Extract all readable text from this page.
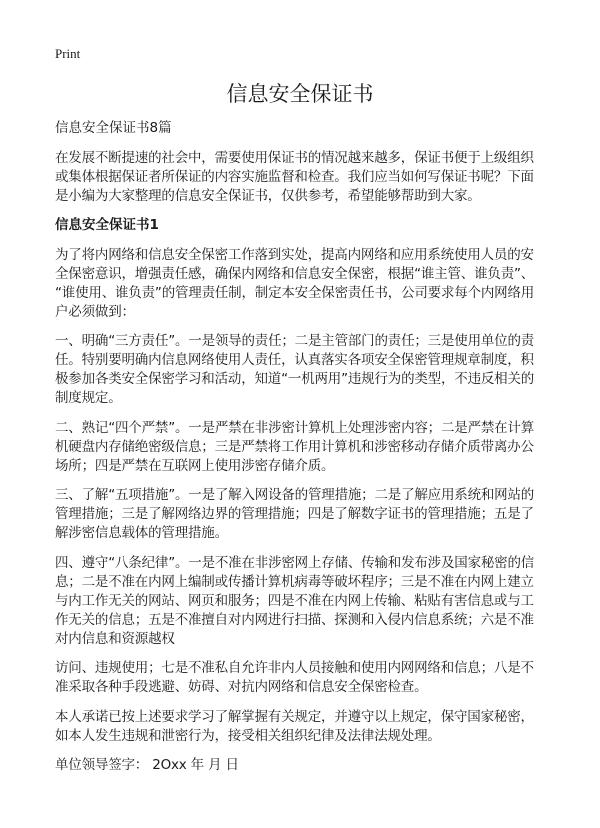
Print
信息安全保证书

信息安全保证书8篇

在发展不断提速的社会中，需要使用保证书的情况越来越多，保证书便于上级组织
或集体根据保证者所保证的内容实施监督和检查。我们应当如何写保证书呢？下面
是小编为大家整理的信息安全保证书，仅供参考，希望能够帮助到大家。

信息安全保证书1

为了将内网络和信息安全保密工作落到实处，提高内网络和应用系统使用人员的安
全保密意识，增强责任感，确保内网络和信息安全保密，根据“谁主管、谁负责”、
“谁使用、谁负责”的管理责任制，制定本安全保密责任书，公司要求每个内网络用
户必须做到：

一、明确“三方责任”。一是领导的责任；二是主管部门的责任；三是使用单位的责
任。特别要明确内信息网络使用人责任，认真落实各项安全保密管理规章制度，积
极参加各类安全保密学习和活动，知道“一机两用”违规行为的类型，不违反相关的
制度规定。

二、熟记“四个严禁”。一是严禁在非涉密计算机上处理涉密内容；二是严禁在计算
机硬盘内存储绝密级信息；三是严禁将工作用计算机和涉密移动存储介质带离办公
场所；四是严禁在互联网上使用涉密存储介质。

三、了解“五项措施”。一是了解入网设备的管理措施；二是了解应用系统和网站的
管理措施；三是了解网络边界的管理措施；四是了解数字证书的管理措施；五是了
解涉密信息载体的管理措施。

四、遵守“八条纪律”。一是不准在非涉密网上存储、传输和发布涉及国家秘密的信
息；二是不准在内网上编制或传播计算机病毒等破坏程序；三是不准在内网上建立
与内工作无关的网站、网页和服务；四是不准在内网上传输、粘贴有害信息或与工
作无关的信息；五是不准擅自对内网进行扫描、探测和入侵内信息系统；六是不准
对内信息和资源越权

访问、违规使用；七是不准私自允许非内人员接触和使用内网网络和信息；八是不
准采取各种手段逃避、妨碍、对抗内网络和信息安全保密检查。

本人承诺已按上述要求学习了解掌握有关规定，并遵守以上规定，保守国家秘密，
如本人发生违规和泄密行为，接受相关组织纪律及法律法规处理。

单位领导签字： 2Oxx 年 月 日
